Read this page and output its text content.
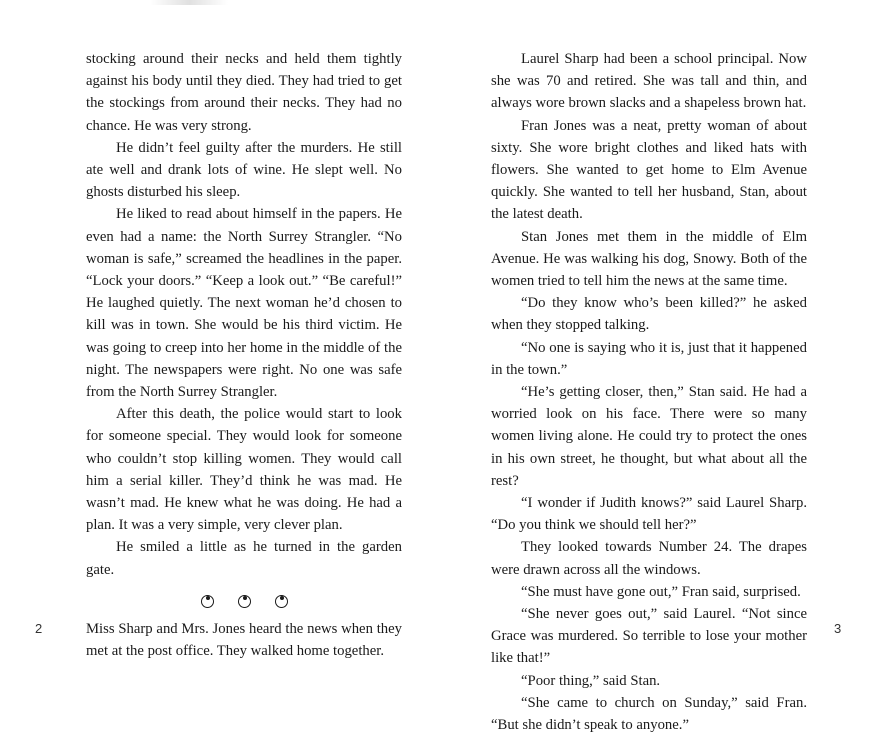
stocking around their necks and held them tightly against his body until they died. They had tried to get the stockings from around their necks. They had no chance. He was very strong.

He didn’t feel guilty after the murders. He still ate well and drank lots of wine. He slept well. No ghosts disturbed his sleep.

He liked to read about himself in the papers. He even had a name: the North Surrey Strangler. “No woman is safe,” screamed the headlines in the paper. “Lock your doors.” “Keep a look out.” “Be careful!” He laughed quietly. The next woman he’d chosen to kill was in town. She would be his third victim. He was going to creep into her home in the middle of the night. The newspapers were right. No one was safe from the North Surrey Strangler.

After this death, the police would start to look for someone special. They would look for someone who couldn’t stop killing women. They would call him a serial killer. They’d think he was mad. He wasn’t mad. He knew what he was doing. He had a plan. It was a very simple, very clever plan.

He smiled a little as he turned in the garden gate.

Miss Sharp and Mrs. Jones heard the news when they met at the post office. They walked home together.

Laurel Sharp had been a school principal. Now she was 70 and retired. She was tall and thin, and always wore brown slacks and a shapeless brown hat.

Fran Jones was a neat, pretty woman of about sixty. She wore bright clothes and liked hats with flowers. She wanted to get home to Elm Avenue quickly. She wanted to tell her husband, Stan, about the latest death.

Stan Jones met them in the middle of Elm Avenue. He was walking his dog, Snowy. Both of the women tried to tell him the news at the same time.

“Do they know who’s been killed?” he asked when they stopped talking.

“No one is saying who it is, just that it happened in the town.”

“He’s getting closer, then,” Stan said. He had a worried look on his face. There were so many women living alone. He could try to protect the ones in his own street, he thought, but what about all the rest?

“I wonder if Judith knows?” said Laurel Sharp. “Do you think we should tell her?”

They looked towards Number 24. The drapes were drawn across all the windows.

“She must have gone out,” Fran said, surprised.

“She never goes out,” said Laurel. “Not since Grace was murdered. So terrible to lose your mother like that!”

“Poor thing,” said Stan.

“She came to church on Sunday,” said Fran. “But she didn’t speak to anyone.”

2	3
